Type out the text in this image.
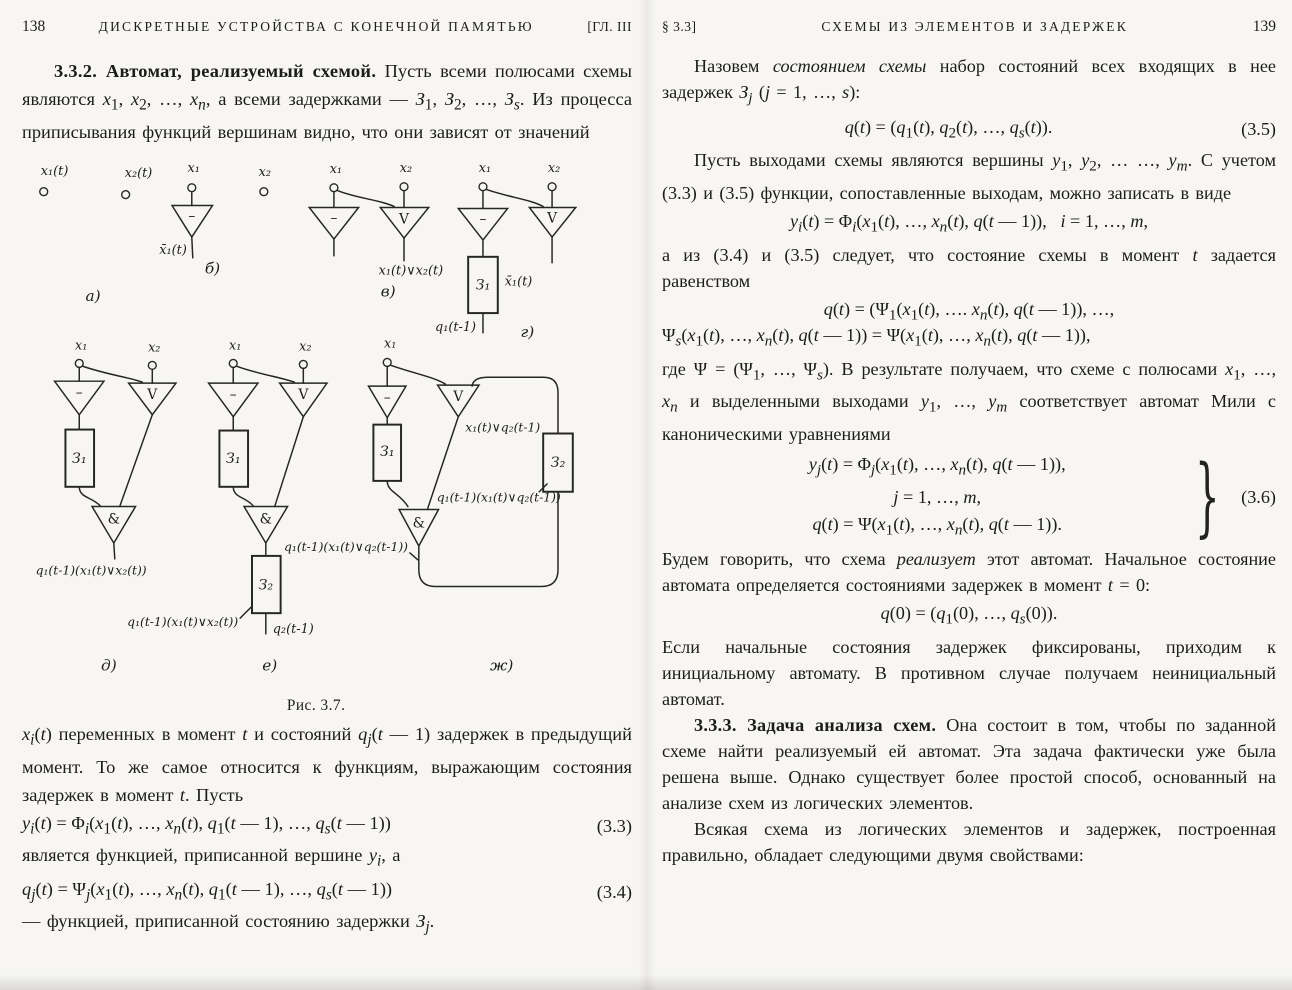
138	ДИСКРЕТНЫЕ УСТРОЙСТВА С КОНЕЧНОЙ ПАМЯТЬЮ	[ГЛ. III

3.3.2. Автомат, реализуемый схемой. Пусть всеми полюсами схемы являются $x_1$, $x_2$, …, $x_n$, а всеми задержками — $З_1$, $З_2$, …, $З_s$. Из процесса приписывания функций вершинам видно, что они зависят от значений

x₁(t)	x₂(t)
а)
x₁
–
x̄₁(t)
б)
x₂	x₁	x₂
–	V
x₁(t)∨x₂(t)
в)
x₁	x₂
–	V
З₁ x̄₁(t)
q₁(t-1)	г)
x₁	x₂
–	V
З₁
&
q₁(t-1)(x₁(t)∨x₂(t))
д)
x₁	x₂
–	V
З₁
&
З₂
q₂(t-1)
q₁(t-1)(x₁(t)∨x₂(t))
е)
x₁
–	V
З₂
x₁(t)∨q₂(t-1)
З₁
&
q₁(t-1)(x₁(t)∨q₂(t-1))
q₁(t-1)(x₁(t)∨q₂(t-1))
ж)
Рис. 3.7.

$x_i(t)$ переменных в момент t и состояний $q_j(t$ — 1) задержек в предыдущий момент. То же самое относится к функциям, выражающим состояния задержек в момент t. Пусть

$y_i(t) = \Phi_i(x_1(t)$, …, $x_n(t)$, $q_1(t$ — 1), …, $q_s(t$ — 1))	(3.3)

является функцией, приписанной вершине $y_i$, а

$q_j(t) = \Psi_j(x_1(t)$, …, $x_n(t)$, $q_1(t$ — 1), …, $q_s(t$ — 1))	(3.4)

— функцией, приписанной состоянию задержки $З_j$.

§ 3.3]	СХЕМЫ ИЗ ЭЛЕМЕНТОВ И ЗАДЕРЖЕК	139

Назовем состоянием схемы набор состояний всех входящих в нее задержек $З_j$ (j = 1, …, s):

$q(t) = (q_1(t)$, $q_2(t)$, …, $q_s(t)$).	(3.5)

Пусть выходами схемы являются вершины $y_1$, $y_2$, … …, $y_m$. С учетом (3.3) и (3.5) функции, сопоставленные выходам, можно записать в виде

$y_i(t) = \Phi_i(x_1(t)$, …, $x_n(t)$, q(t — 1)),   i = 1, …, m,

а из (3.4) и (3.5) следует, что состояние схемы в момент t задается равенством

$q(t) = (\Psi_1(x_1(t)$, …. $x_n(t)$, q(t — 1)), …,
$\Psi_s(x_1(t)$, …, $x_n(t)$, q(t — $1)) = \Psi(x_1(t)$, …, $x_n(t)$, q(t — 1)),

где $\Psi = (\Psi_1$, …, $\Psi_s$). В результате получаем, что схеме с полюсами $x_1$, …, $x_n$ и выделенными выходами $y_1$, …, $y_m$ соответствует автомат Мили с каноническими уравнениями

$y_j(t) = \Phi_j(x_1(t)$, …, $x_n(t)$, q(t — 1)),
j = 1, …, m,
$q(t) = \Psi(x_1(t)$, …, $x_n(t)$, q(t — 1)).	} (3.6)

Будем говорить, что схема реализует этот автомат. Начальное состояние автомата определяется состояниями задержек в момент t = 0:

$q(0) = (q_1(0)$, …, $q_s(0)$).

Если начальные состояния задержек фиксированы, приходим к инициальному автомату. В противном случае получаем неинициальный автомат.

3.3.3. Задача анализа схем. Она состоит в том, чтобы по заданной схеме найти реализуемый ей автомат. Эта задача фактически уже была решена выше. Однако существует более простой способ, основанный на анализе схем из логических элементов.

Всякая схема из логических элементов и задержек, построенная правильно, обладает следующими двумя свойствами:
